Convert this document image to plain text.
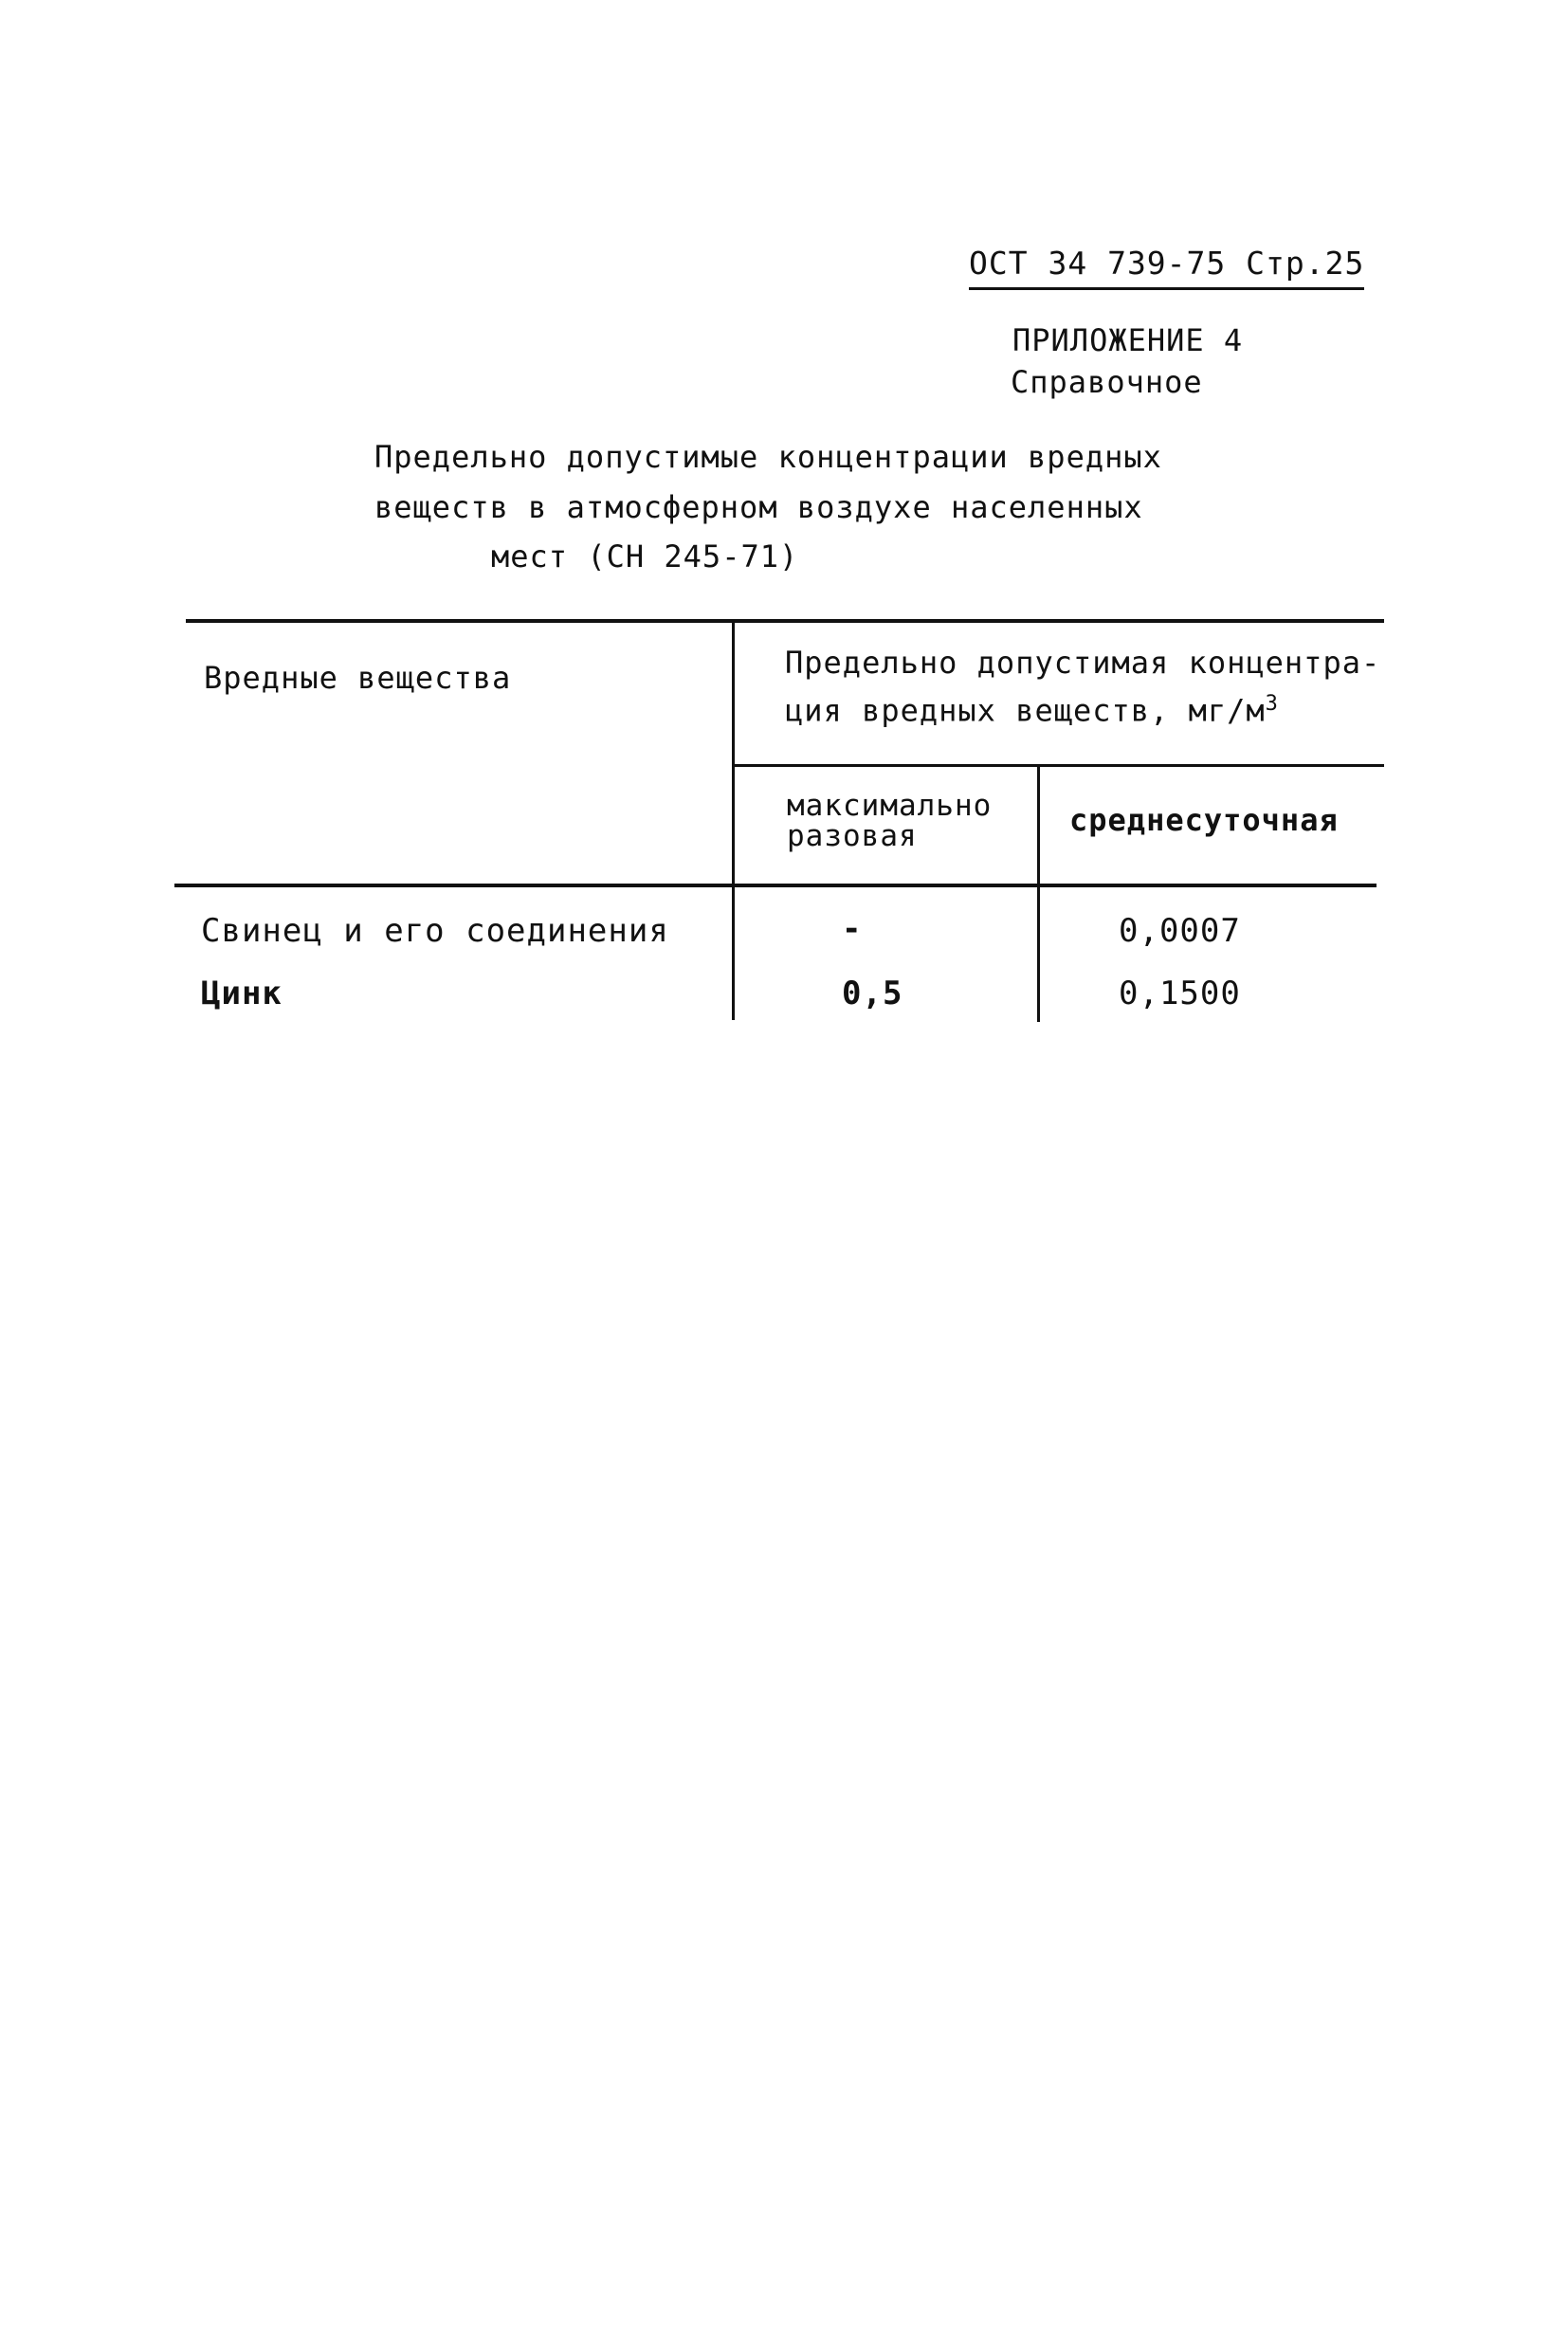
ОСТ 34 739-75 Стр.25
ПРИЛОЖЕНИЕ 4
Справочное
Предельно допустимые концентрации вредных
веществ в атмосферном воздухе населенных
мест (СН 245-71)
Вредные вещества	Предельно допустимая концентра-
ция вредных веществ, $мг/м^3$
максимально
разовая	среднесуточная
Свинец и его соединения	-	0,0007
Цинк	0,5	0,1500
